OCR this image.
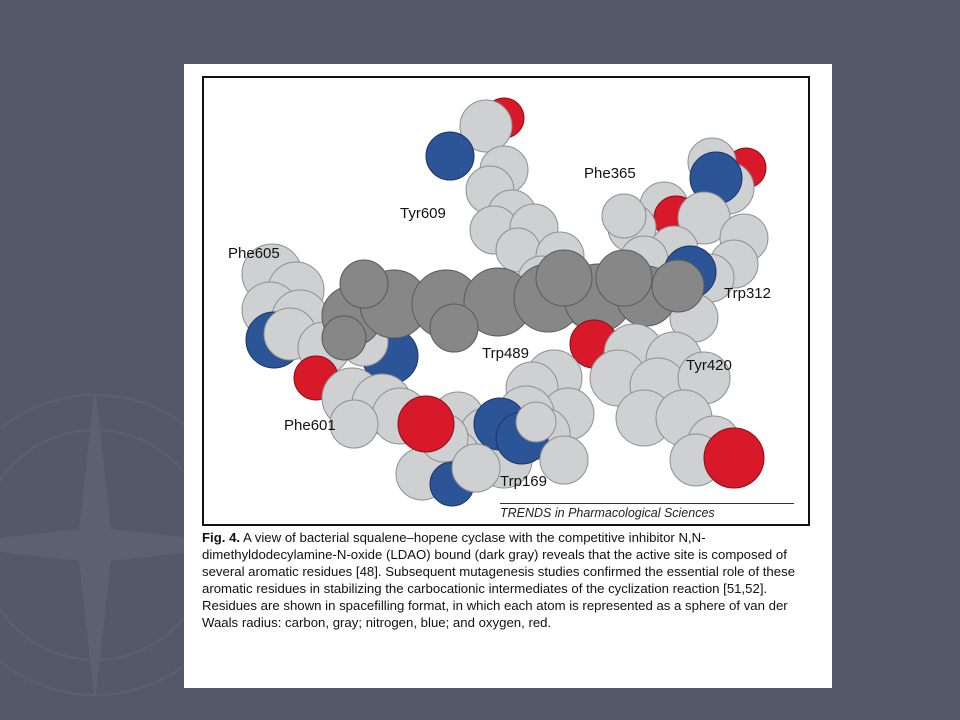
Phe365
Tyr609
Phe605
Trp312
Trp489
Tyr420
Phe601
Trp169
TRENDS in Pharmacological Sciences
Fig. 4. A view of bacterial squalene–hopene cyclase with the competitive inhibitor N,N-dimethyldodecylamine-N-oxide (LDAO) bound (dark gray) reveals that the active site is composed of several aromatic residues [48]. Subsequent mutagenesis studies confirmed the essential role of these aromatic residues in stabilizing the carbocationic intermediates of the cyclization reaction [51,52]. Residues are shown in spacefilling format, in which each atom is represented as a sphere of van der Waals radius: carbon, gray; nitrogen, blue; and oxygen, red.
